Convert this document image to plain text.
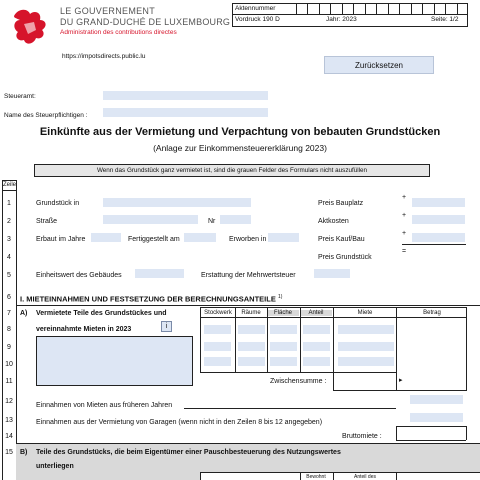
LE GOUVERNEMENT
DU GRAND-DUCHÉ DE LUXEMBOURG
Administration des contributions directes
https://impotsdirects.public.lu
Aktennummer
Vordruck 190 D	Jahr: 2023	Seite: 1/2
Zurücksetzen
Steueramt:
Name des Steuerpflichtigen :
Einkünfte aus der Vermietung und Verpachtung von bebauten Grundstücken
(Anlage zur Einkommensteuererklärung 2023)
Wenn das Grundstück ganz vermietet ist, sind die grauen Felder des Formulars nicht auszufüllen
Zeile
1
2
3
4
5
6
7
8
9
10
11
12
13
14
15
Grundstück in	Preis Bauplatz
+
Straße	Nr	Aktkosten
+
Erbaut im Jahre	Fertiggestellt am	Erworben in	Preis Kauf/Bau
+
Preis Grundstück
=
Einheitswert des Gebäudes	Erstattung der Mehrwertsteuer
I. MIETEINNAHMEN UND FESTSETZUNG DER BERECHNUNGSANTEILE $^{1)}$
A) Vermietete Teile des Grundstückes und
vereinnahmte Mieten in 2023	i
Stockwerk	Räume	Fläche	Anteil	Miete	Betrag
Zwischensumme :	▸
Einnahmen von Mieten aus früheren Jahren
Einnahmen aus der Vermietung von Garagen (wenn nicht in den Zeilen 8 bis 12 angegeben)
Bruttomiete :
B) Teile des Grundstücks, die beim Eigentümer einer Pauschbesteuerung des Nutzungswertes
unterliegen
Bewohnt	Anteil des
